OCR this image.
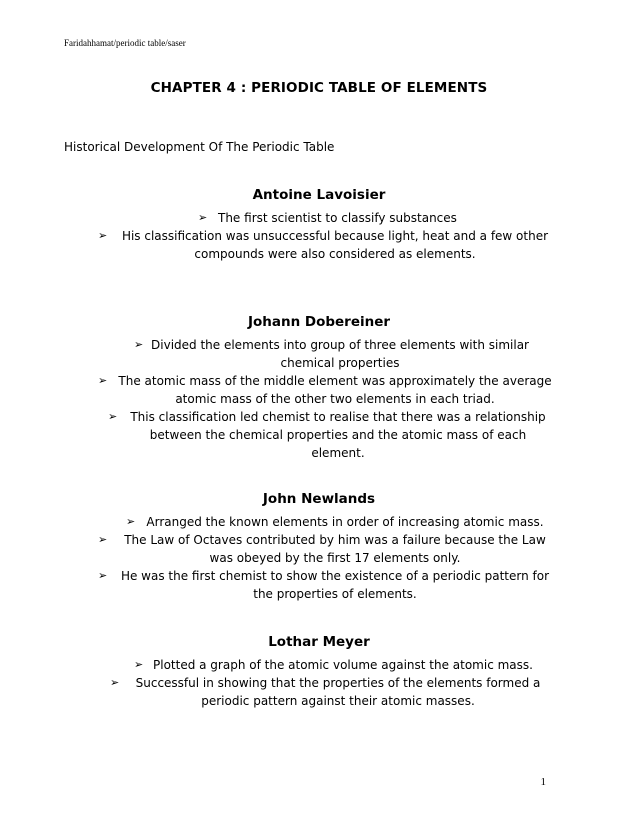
Faridahhamat/periodic table/saser
CHAPTER 4 : PERIODIC TABLE OF ELEMENTS
Historical Development Of The Periodic Table
Antoine Lavoisier
➢ The first scientist to classify substances
➢	His classification was unsuccessful because light, heat and a few other compounds were also considered as elements.
Johann Dobereiner
➢ Divided the elements into group of three elements with similar chemical properties
➢ The atomic mass of the middle element was approximately the average atomic mass of the other two elements in each triad.
➢	This classification led chemist to realise that there was a relationship between the chemical properties and the atomic mass of each element.
John Newlands
➢ Arranged the known elements in order of increasing atomic mass.
➢	The Law of Octaves contributed by him was a failure because the Law was obeyed by the first 17 elements only.
➢	He was the first chemist to show the existence of a periodic pattern for the properties of elements.
Lothar Meyer
➢ Plotted a graph of the atomic volume against the atomic mass.
➢	Successful in showing that the properties of the elements formed a periodic pattern against their atomic masses.
1
